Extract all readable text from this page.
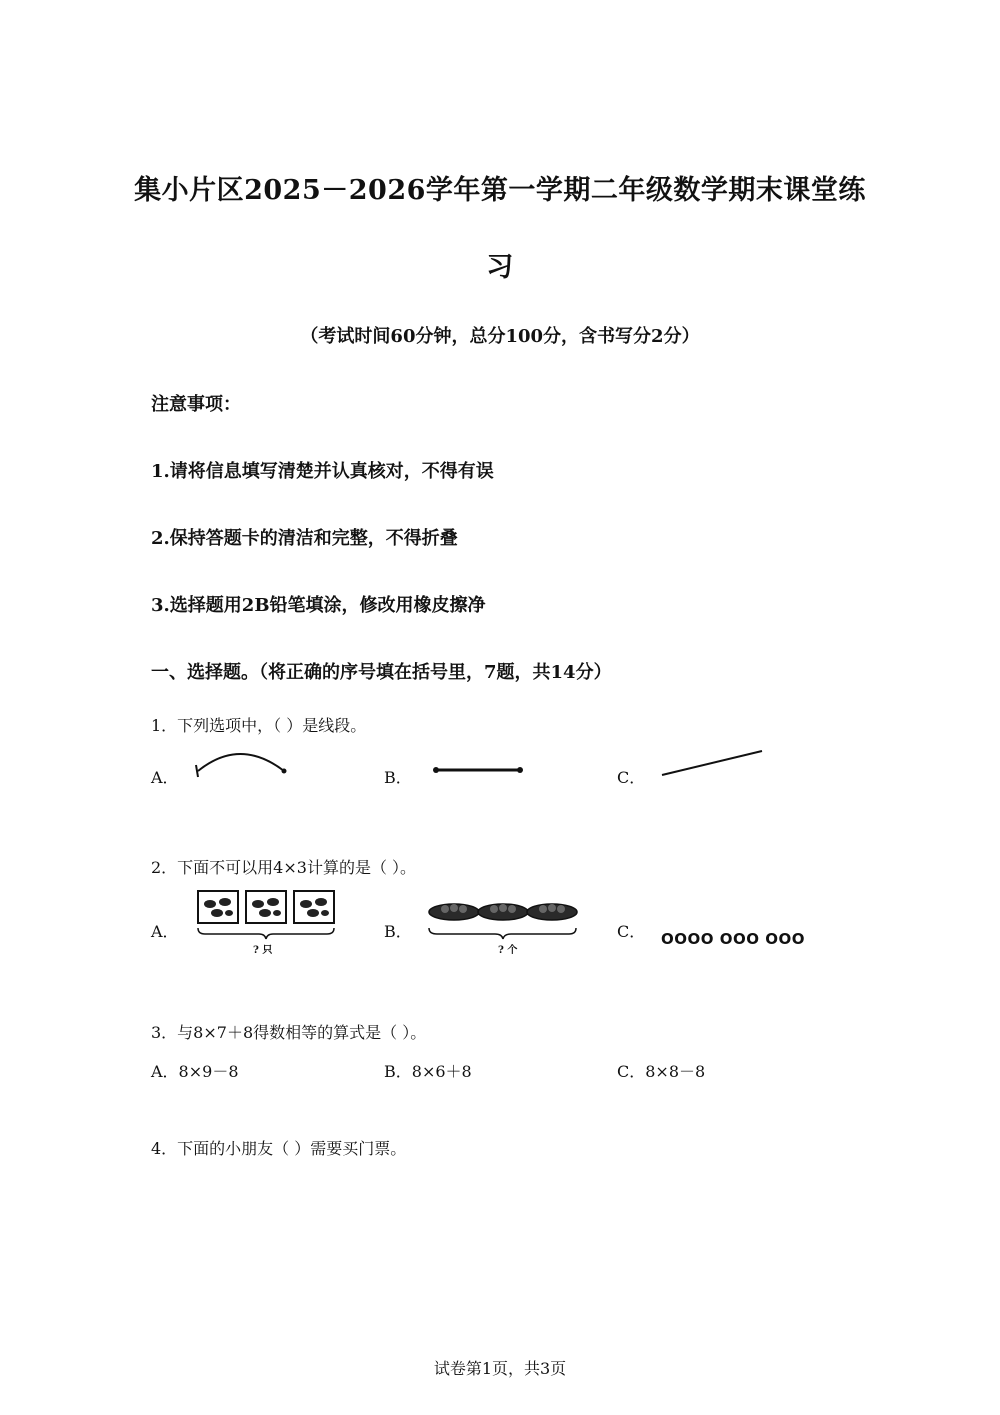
集小片区2025－2026学年第一学期二年级数学期末课堂练
习
（考试时间60分钟，总分100分，含书写分2分）
注意事项：
1.请将信息填写清楚并认真核对，不得有误
2.保持答题卡的清洁和完整，不得折叠
3.选择题用2B铅笔填涂，修改用橡皮擦净
一、选择题。（将正确的序号填在括号里，7题，共14分）
1．下列选项中，（ ）是线段。
A．	B．	C．
2．下面不可以用4×3计算的是（ ）。
A．	B．	C．
? 只	? 个
OOOO OOO OOO
3．与8×7＋8得数相等的算式是（ ）。
A．8×9－8	B．8×6＋8	C．8×8－8
4．下面的小朋友（ ）需要买门票。
试卷第1页，共3页
